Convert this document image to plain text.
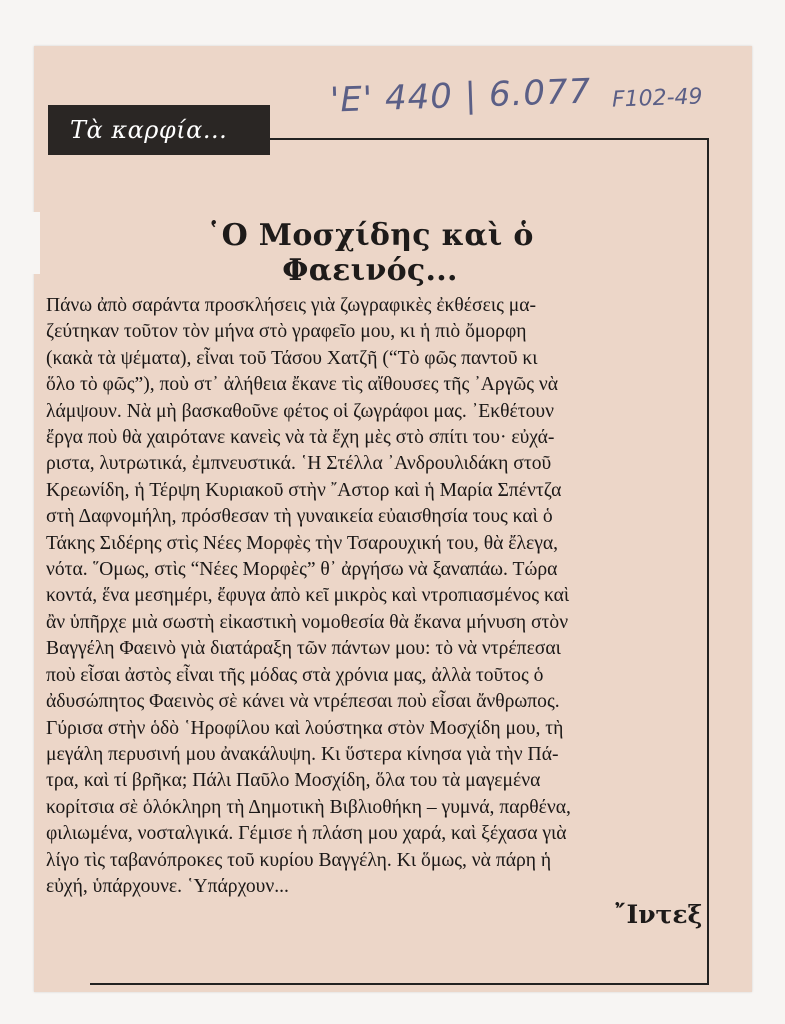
Τὰ καρφία...
'Ε' 440 | 6.077 F102-49
῾Ο Μοσχίδης καὶ ὁ Φαεινός...

Πάνω ἀπὸ σαράντα προσκλήσεις γιὰ ζωγραφικὲς ἐκθέσεις μα-

ζεύτηκαν τοῦτον τὸν μήνα στὸ γραφεῖο μου, κι ἡ πιὸ ὄμορφη

(κακὰ τὰ ψέματα), εἶναι τοῦ Τάσου Χατζῆ (“Τὸ φῶς παντοῦ κι

ὅλο τὸ φῶς”), ποὺ στ᾽ ἀλήθεια ἔκανε τὶς αἴθουσες τῆς ᾽Αργῶς νὰ

λάμψουν. Νὰ μὴ βασκαθοῦνε φέτος οἱ ζωγράφοι μας. ᾽Εκθέτουν

ἔργα ποὺ θὰ χαιρότανε κανεὶς νὰ τὰ ἔχη μὲς στὸ σπίτι του· εὐχά-

ριστα, λυτρωτικά, ἐμπνευστικά. ῾Η Στέλλα ᾽Ανδρουλιδάκη στοῦ

Κρεωνίδη, ἡ Τέρψη Κυριακοῦ στὴν ῎Αστορ καὶ ἡ Μαρία Σπέντζα

στὴ Δαφνομήλη, πρόσθεσαν τὴ γυναικεία εὐαισθησία τους καὶ ὁ

Τάκης Σιδέρης στὶς Νέες Μορφὲς τὴν Τσαρουχική του, θὰ ἔλεγα,

νότα. ῞Ομως, στὶς “Νέες Μορφὲς” θ᾽ ἀργήσω νὰ ξαναπάω. Τώρα

κοντά, ἕνα μεσημέρι, ἔφυγα ἀπὸ κεῖ μικρὸς καὶ ντροπιασμένος καὶ

ἂν ὑπῆρχε μιὰ σωστὴ εἰκαστικὴ νομοθεσία θὰ ἔκανα μήνυση στὸν

Βαγγέλη Φαεινὸ γιὰ διατάραξη τῶν πάντων μου: τὸ νὰ ντρέπεσαι

ποὺ εἶσαι ἀστὸς εἶναι τῆς μόδας στὰ χρόνια μας, ἀλλὰ τοῦτος ὁ

ἀδυσώπητος Φαεινὸς σὲ κάνει νὰ ντρέπεσαι ποὺ εἶσαι ἄνθρωπος.

Γύρισα στὴν ὁδὸ ῾Ηροφίλου καὶ λούστηκα στὸν Μοσχίδη μου, τὴ

μεγάλη περυσινή μου ἀνακάλυψη. Κι ὕστερα κίνησα γιὰ τὴν Πά-

τρα, καὶ τί βρῆκα; Πάλι Παῦλο Μοσχίδη, ὅλα του τὰ μαγεμένα

κορίτσια σὲ ὁλόκληρη τὴ Δημοτικὴ Βιβλιοθήκη – γυμνά, παρθένα,

φιλιωμένα, νοσταλγικά. Γέμισε ἡ πλάση μου χαρά, καὶ ξέχασα γιὰ

λίγο τὶς ταβανόπροκες τοῦ κυρίου Βαγγέλη. Κι ὅμως, νὰ πάρη ἡ

εὐχή, ὑπάρχουνε. ῾Υπάρχουν...

῎Ιντεξ
